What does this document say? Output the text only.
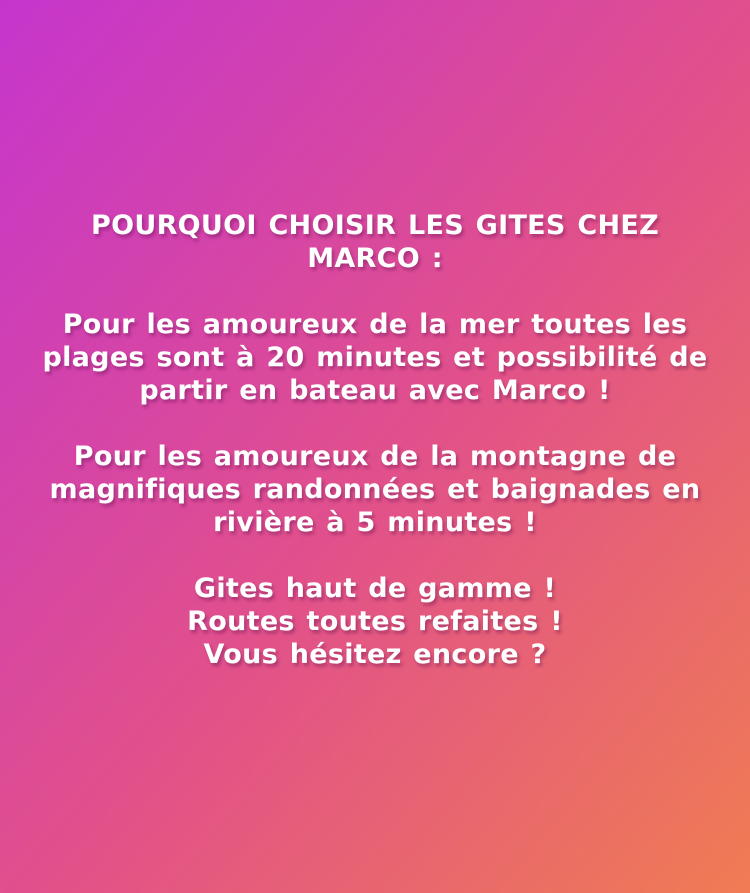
POURQUOI CHOISIR LES GITES CHEZ
MARCO :
Pour les amoureux de la mer toutes les
plages sont à 20 minutes et possibilité de
partir en bateau avec Marco !
Pour les amoureux de la montagne de
magnifiques randonnées et baignades en
rivière à 5 minutes !
Gites haut de gamme !
Routes toutes refaites !
Vous hésitez encore ?
